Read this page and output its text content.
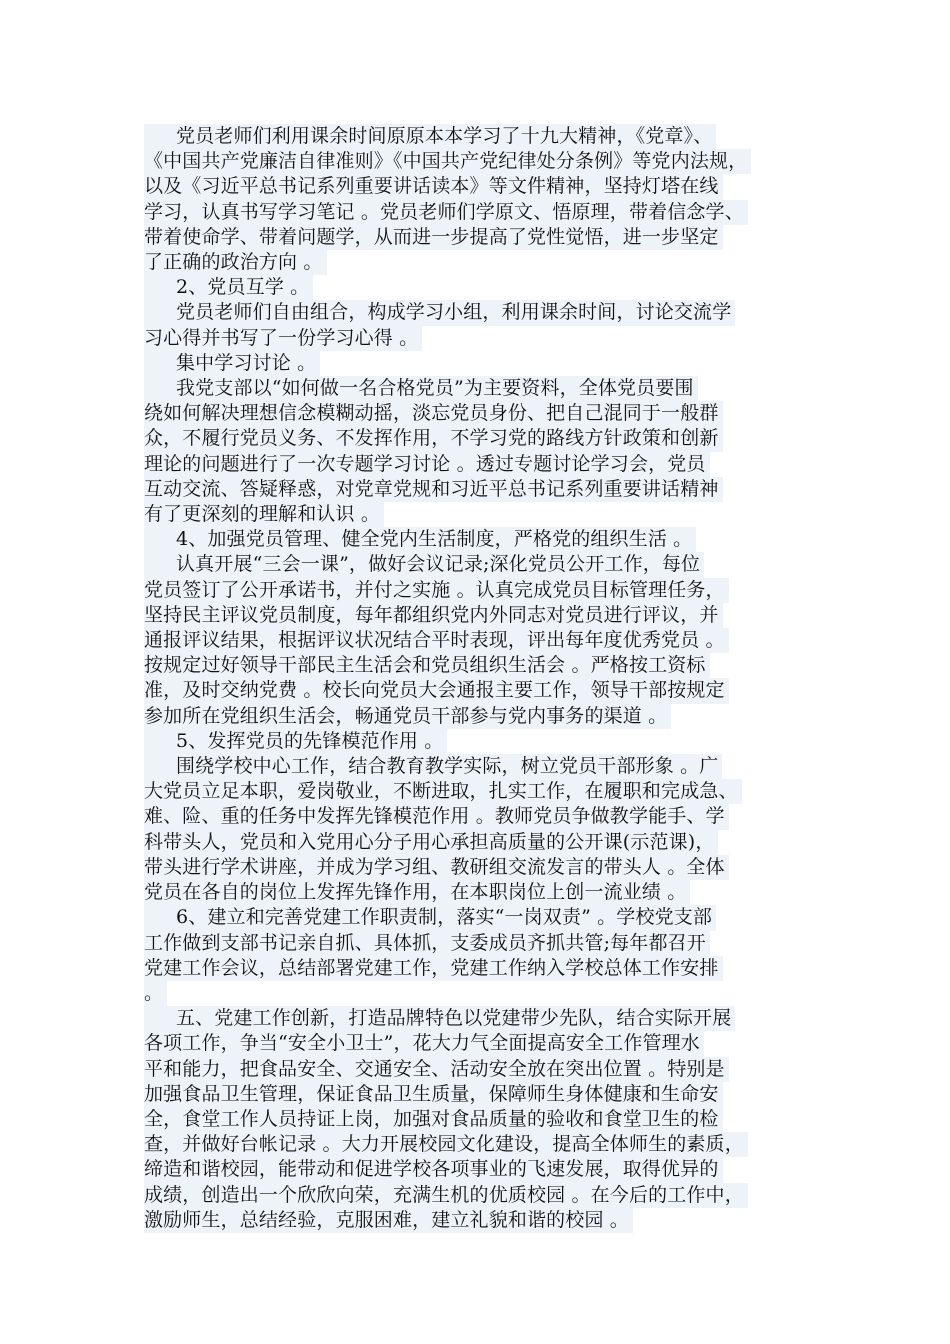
党员老师们利用课余时间原原本本学习了十九大精神，《党章》、
《中国共产党廉洁自律准则》《中国共产党纪律处分条例》等党内法规，
以及《习近平总书记系列重要讲话读本》等文件精神，坚持灯塔在线
学习，认真书写学习笔记 。党员老师们学原文、悟原理，带着信念学、
带着使命学、带着问题学，从而进一步提高了党性觉悟，进一步坚定
了正确的政治方向 。
2、党员互学 。
党员老师们自由组合，构成学习小组，利用课余时间，讨论交流学
习心得并书写了一份学习心得 。
集中学习讨论 。
我党支部以“如何做一名合格党员”为主要资料，全体党员要围
绕如何解决理想信念模糊动摇，淡忘党员身份、把自己混同于一般群
众，不履行党员义务、不发挥作用，不学习党的路线方针政策和创新
理论的问题进行了一次专题学习讨论 。透过专题讨论学习会，党员
互动交流、答疑释惑，对党章党规和习近平总书记系列重要讲话精神
有了更深刻的理解和认识 。
4、加强党员管理、健全党内生活制度，严格党的组织生活 。
认真开展“三会一课”，做好会议记录;深化党员公开工作，每位
党员签订了公开承诺书，并付之实施 。认真完成党员目标管理任务，
坚持民主评议党员制度，每年都组织党内外同志对党员进行评议，并
通报评议结果，根据评议状况结合平时表现，评出每年度优秀党员 。
按规定过好领导干部民主生活会和党员组织生活会 。严格按工资标
准，及时交纳党费 。校长向党员大会通报主要工作，领导干部按规定
参加所在党组织生活会，畅通党员干部参与党内事务的渠道 。
5、发挥党员的先锋模范作用 。
围绕学校中心工作，结合教育教学实际，树立党员干部形象 。广
大党员立足本职，爱岗敬业，不断进取，扎实工作，在履职和完成急、
难、险、重的任务中发挥先锋模范作用 。教师党员争做教学能手、学
科带头人，党员和入党用心分子用心承担高质量的公开课(示范课)，
带头进行学术讲座，并成为学习组、教研组交流发言的带头人 。全体
党员在各自的岗位上发挥先锋作用，在本职岗位上创一流业绩 。
6、建立和完善党建工作职责制，落实“一岗双责” 。学校党支部
工作做到支部书记亲自抓、具体抓，支委成员齐抓共管;每年都召开
党建工作会议，总结部署党建工作，党建工作纳入学校总体工作安排
。
五、党建工作创新，打造品牌特色以党建带少先队，结合实际开展
各项工作，争当“安全小卫士”，花大力气全面提高安全工作管理水
平和能力，把食品安全、交通安全、活动安全放在突出位置 。特别是
加强食品卫生管理，保证食品卫生质量，保障师生身体健康和生命安
全，食堂工作人员持证上岗，加强对食品质量的验收和食堂卫生的检
查，并做好台帐记录 。大力开展校园文化建设，提高全体师生的素质，
缔造和谐校园，能带动和促进学校各项事业的飞速发展，取得优异的
成绩，创造出一个欣欣向荣，充满生机的优质校园 。在今后的工作中，
激励师生，总结经验，克服困难，建立礼貌和谐的校园 。
